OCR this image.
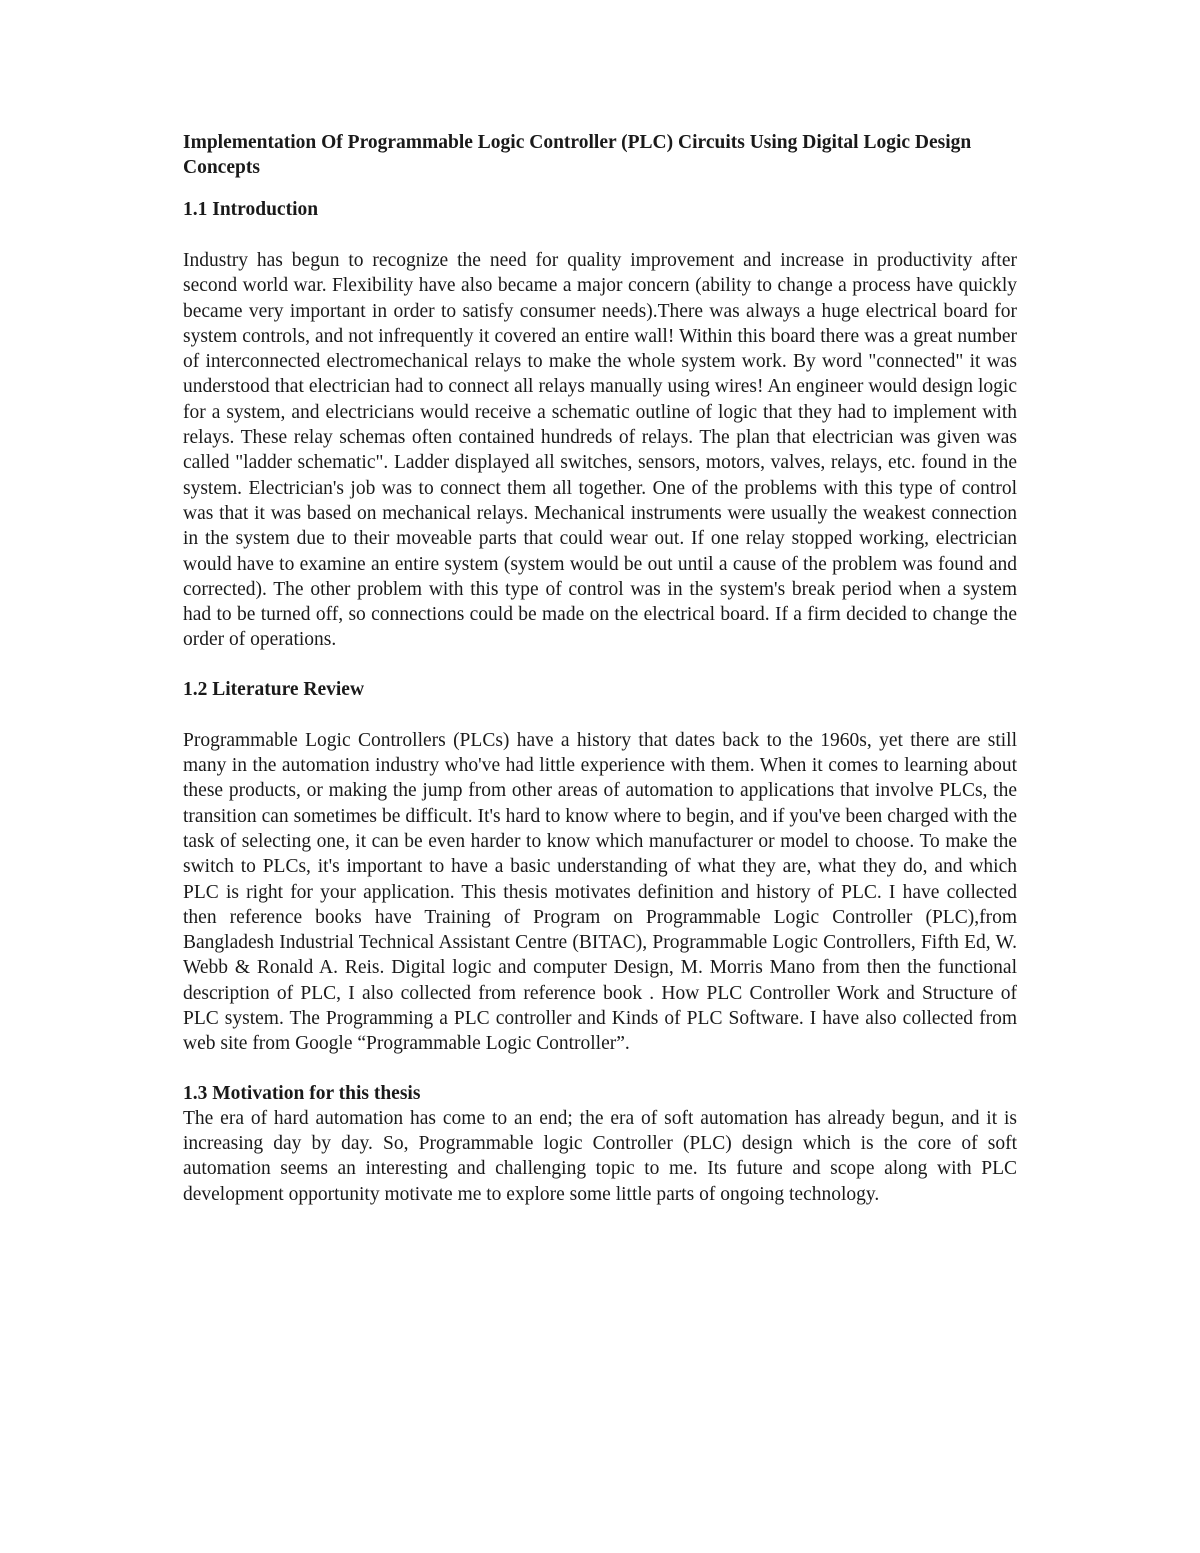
Implementation Of Programmable Logic Controller (PLC) Circuits Using Digital Logic Design Concepts
1.1 Introduction

Industry has begun to recognize the need for quality improvement and increase in productivity after second world war. Flexibility have also became a major concern (ability to change a process have quickly became very important in order to satisfy consumer needs).There was always a huge electrical board for system controls, and not infrequently it covered an entire wall! Within this board there was a great number of interconnected electromechanical relays to make the whole system work. By word "connected" it was understood that electrician had to connect all relays manually using wires! An engineer would design logic for a system, and electricians would receive a schematic outline of logic that they had to implement with relays. These relay schemas often contained hundreds of relays. The plan that electrician was given was called "ladder schematic". Ladder displayed all switches, sensors, motors, valves, relays, etc. found in the system. Electrician's job was to connect them all together. One of the problems with this type of control was that it was based on mechanical relays. Mechanical instruments were usually the weakest connection in the system due to their moveable parts that could wear out. If one relay stopped working, electrician would have to examine an entire system (system would be out until a cause of the problem was found and corrected). The other problem with this type of control was in the system's break period when a system had to be turned off, so connections could be made on the electrical board. If a firm decided to change the order of operations.

1.2 Literature Review

Programmable Logic Controllers (PLCs) have a history that dates back to the 1960s, yet there are still many in the automation industry who've had little experience with them. When it comes to learning about these products, or making the jump from other areas of automation to applications that involve PLCs, the transition can sometimes be difficult. It's hard to know where to begin, and if you've been charged with the task of selecting one, it can be even harder to know which manufacturer or model to choose. To make the switch to PLCs, it's important to have a basic understanding of what they are, what they do, and which PLC is right for your application. This thesis motivates definition and history of PLC. I have collected then reference books have Training of Program on Programmable Logic Controller (PLC),from Bangladesh Industrial Technical Assistant Centre (BITAC), Programmable Logic Controllers, Fifth Ed, W. Webb & Ronald A. Reis. Digital logic and computer Design, M. Morris Mano from then the functional description of PLC, I also collected from reference book . How PLC Controller Work and Structure of PLC system. The Programming a PLC controller and Kinds of PLC Software. I have also collected from web site from Google “Programmable Logic Controller”.

1.3 Motivation for this thesis

The era of hard automation has come to an end; the era of soft automation has already begun, and it is increasing day by day. So, Programmable logic Controller (PLC) design which is the core of soft automation seems an interesting and challenging topic to me. Its future and scope along with PLC development opportunity motivate me to explore some little parts of ongoing technology.
